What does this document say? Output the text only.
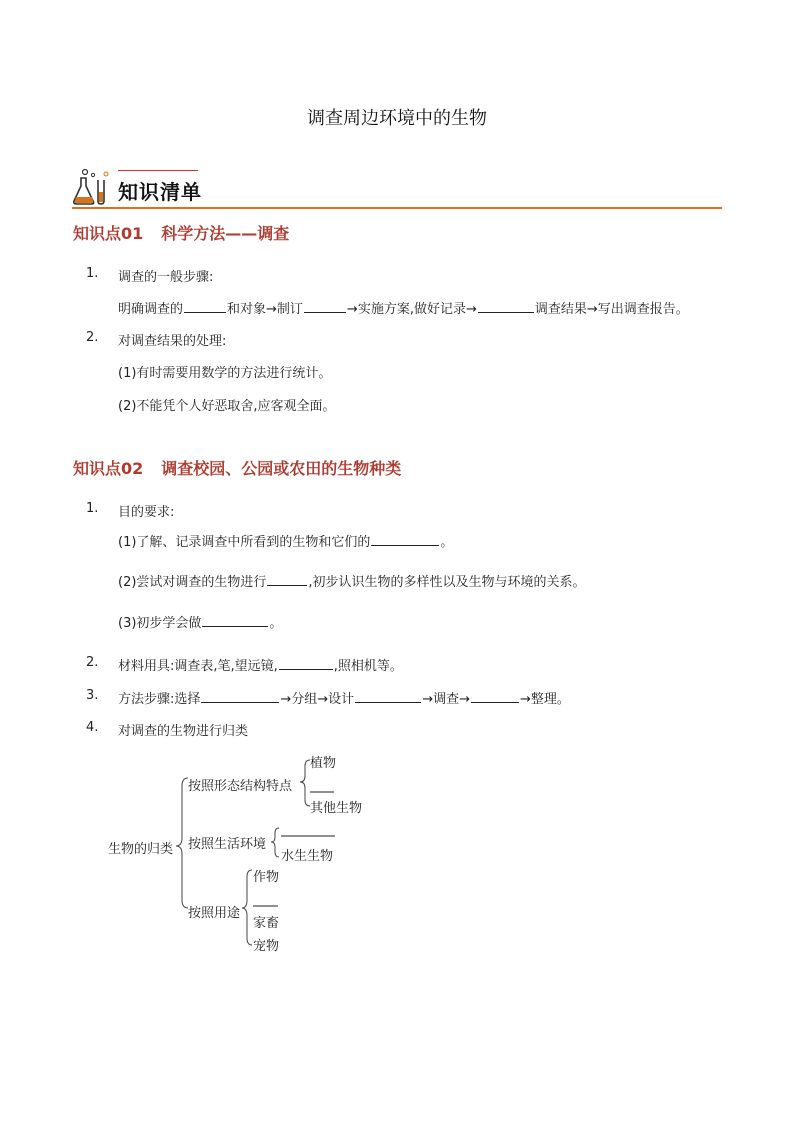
调查周边环境中的生物
知识清单
知识点01 科学方法——调查
1. 调查的一般步骤:
明确调查的	和对象→制订	→实施方案,做好记录→	调查结果→写出调查报告。
2. 对调查结果的处理:
(1)有时需要用数学的方法进行统计。
(2)不能凭个人好恶取舍,应客观全面。
知识点02 调查校园、公园或农田的生物种类
1. 目的要求:
(1)了解、记录调查中所看到的生物和它们的	。
(2)尝试对调查的生物进行	,初步认识生物的多样性以及生物与环境的关系。
(3)初步学会做	。
2. 材料用具:调查表,笔,望远镜,	,照相机等。
3. 方法步骤:选择	→分组→设计	→调查→	→整理。
4. 对调查的生物进行归类
生物的归类
按照形态结构特点
植物
其他生物
按照生活环境
水生生物
按照用途
作物
家畜
宠物
